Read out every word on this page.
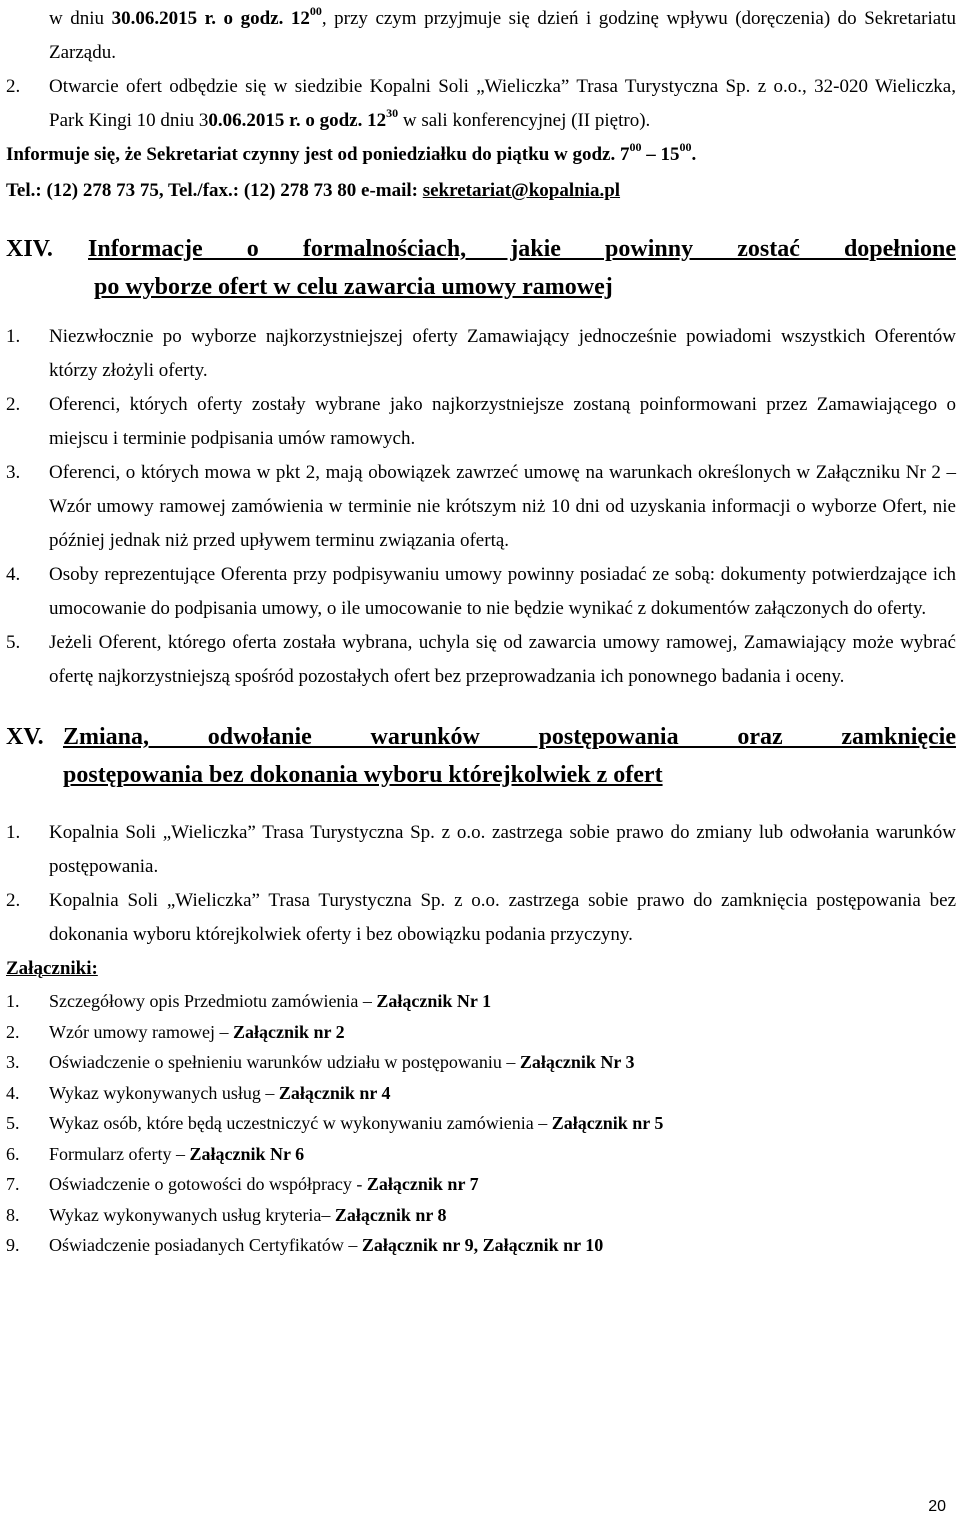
w dniu 30.06.2015 r. o godz. $12^{00}$, przy czym przyjmuje się dzień i godzinę wpływu (doręczenia) do Sekretariatu Zarządu.
2.	Otwarcie ofert odbędzie się w siedzibie Kopalni Soli „Wieliczka” Trasa Turystyczna Sp. z o.o., 32-020 Wieliczka, Park Kingi 10 dniu 30.06.2015 r. o godz. $12^{30}$ w sali konferencyjnej (II piętro).
Informuje się, że Sekretariat czynny jest od poniedziałku do piątku w godz. $7^{00} - 15^{00}$.
Tel.: (12) 278 73 75, Tel./fax.: (12) 278 73 80 e-mail: sekretariat@kopalnia.pl
XIV.	Informacje o formalnościach, jakie powinny zostać dopełnione
po wyborze ofert w celu zawarcia umowy ramowej
1.	Niezwłocznie po wyborze najkorzystniejszej oferty Zamawiający jednocześnie powiadomi wszystkich Oferentów którzy złożyli oferty.
2.	Oferenci, których oferty zostały wybrane jako najkorzystniejsze zostaną poinformowani przez Zamawiającego o miejscu i terminie podpisania umów ramowych.
3.	Oferenci, o których mowa w pkt 2, mają obowiązek zawrzeć umowę na warunkach określonych w Załączniku Nr 2 – Wzór umowy ramowej zamówienia w terminie nie krótszym niż 10 dni od uzyskania informacji o wyborze Ofert, nie później jednak niż przed upływem terminu związania ofertą.
4.	Osoby reprezentujące Oferenta przy podpisywaniu umowy powinny posiadać ze sobą: dokumenty potwierdzające ich umocowanie do podpisania umowy, o ile umocowanie to nie będzie wynikać z dokumentów załączonych do oferty.
5.	Jeżeli Oferent, którego oferta została wybrana, uchyla się od zawarcia umowy ramowej, Zamawiający może wybrać ofertę najkorzystniejszą spośród pozostałych ofert bez przeprowadzania ich ponownego badania i oceny.
XV. Zmiana, odwołanie warunków postępowania oraz zamknięcie
postępowania bez dokonania wyboru którejkolwiek z ofert
1.	Kopalnia Soli „Wieliczka” Trasa Turystyczna Sp. z o.o. zastrzega sobie prawo do zmiany lub odwołania warunków postępowania.
2.	Kopalnia Soli „Wieliczka” Trasa Turystyczna Sp. z o.o. zastrzega sobie prawo do zamknięcia postępowania bez dokonania wyboru którejkolwiek oferty i bez obowiązku podania przyczyny.
Załączniki:
1.	Szczegółowy opis Przedmiotu zamówienia – Załącznik Nr 1
2.	Wzór umowy ramowej – Załącznik nr 2
3.	Oświadczenie o spełnieniu warunków udziału w postępowaniu – Załącznik Nr 3
4.	Wykaz wykonywanych usług – Załącznik nr 4
5.	Wykaz osób, które będą uczestniczyć w wykonywaniu zamówienia – Załącznik nr 5
6.	Formularz oferty – Załącznik Nr 6
7.	Oświadczenie o gotowości do współpracy - Załącznik nr 7
8.	Wykaz wykonywanych usług kryteria– Załącznik nr 8
9.	Oświadczenie posiadanych Certyfikatów – Załącznik nr 9, Załącznik nr 10
20
